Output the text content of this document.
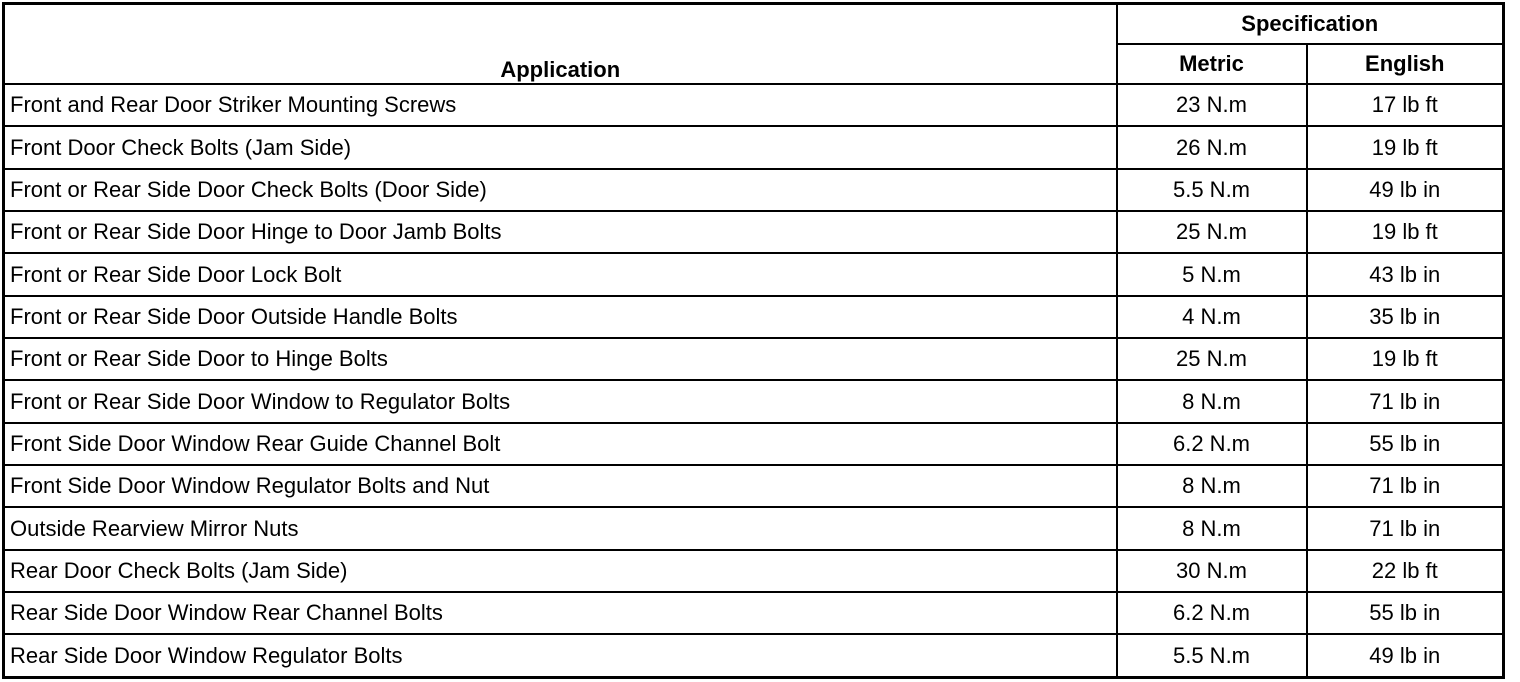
Application	Specification	
	Metric	English
Front and Rear Door Striker Mounting Screws	23 N.m	17 lb ft
Front Door Check Bolts (Jam Side)	26 N.m	19 lb ft
Front or Rear Side Door Check Bolts (Door Side)	5.5 N.m	49 lb in
Front or Rear Side Door Hinge to Door Jamb Bolts	25 N.m	19 lb ft
Front or Rear Side Door Lock Bolt	5 N.m	43 lb in
Front or Rear Side Door Outside Handle Bolts	4 N.m	35 lb in
Front or Rear Side Door to Hinge Bolts	25 N.m	19 lb ft
Front or Rear Side Door Window to Regulator Bolts	8 N.m	71 lb in
Front Side Door Window Rear Guide Channel Bolt	6.2 N.m	55 lb in
Front Side Door Window Regulator Bolts and Nut	8 N.m	71 lb in
Outside Rearview Mirror Nuts	8 N.m	71 lb in
Rear Door Check Bolts (Jam Side)	30 N.m	22 lb ft
Rear Side Door Window Rear Channel Bolts	6.2 N.m	55 lb in
Rear Side Door Window Regulator Bolts	5.5 N.m	49 lb in
